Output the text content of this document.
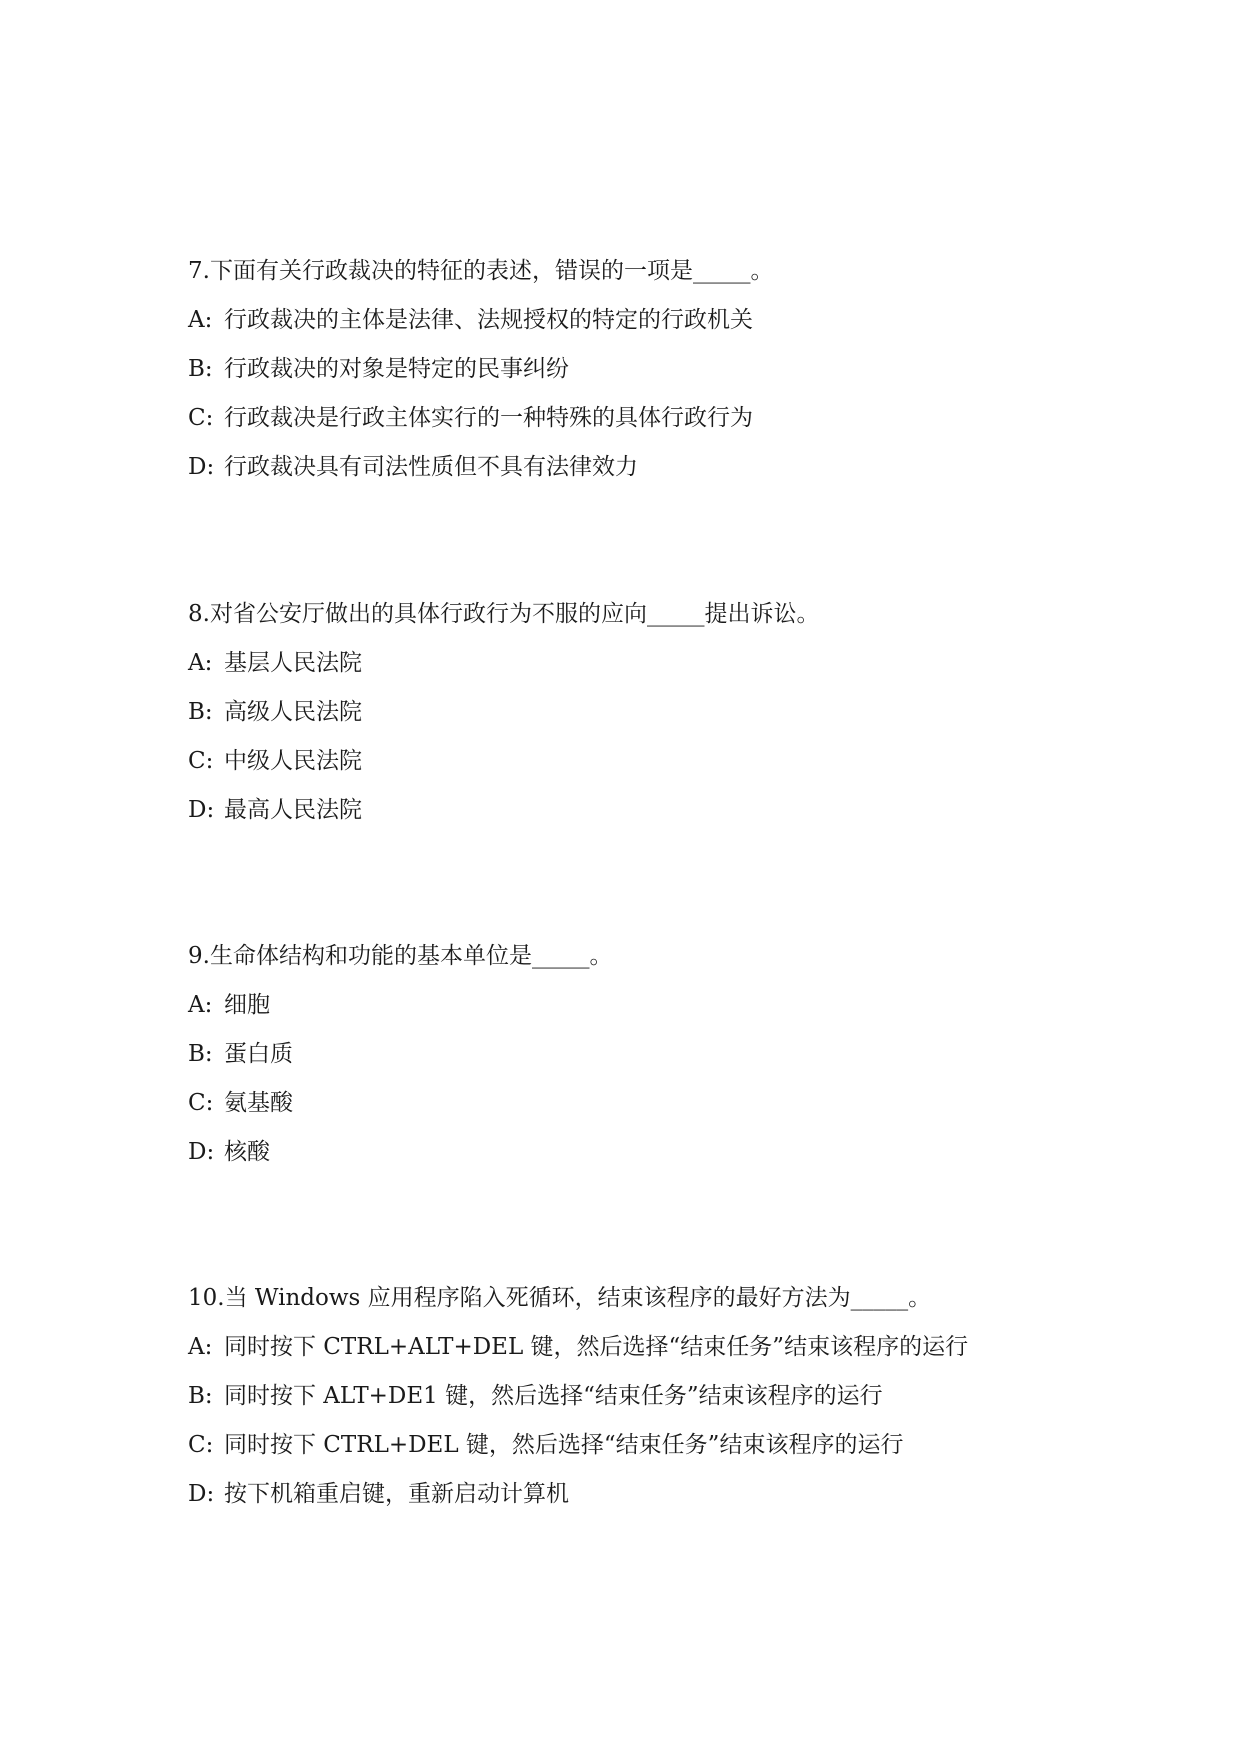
7.下面有关行政裁决的特征的表述，错误的一项是_____。
A: 行政裁决的主体是法律、法规授权的特定的行政机关
B: 行政裁决的对象是特定的民事纠纷
C: 行政裁决是行政主体实行的一种特殊的具体行政行为
D: 行政裁决具有司法性质但不具有法律效力
8.对省公安厅做出的具体行政行为不服的应向_____提出诉讼。
A: 基层人民法院
B: 高级人民法院
C: 中级人民法院
D: 最高人民法院
9.生命体结构和功能的基本单位是_____。
A: 细胞
B: 蛋白质
C: 氨基酸
D: 核酸
10.当 Windows 应用程序陷入死循环，结束该程序的最好方法为_____。
A: 同时按下 CTRL+ALT+DEL 键，然后选择“结束任务”结束该程序的运行
B: 同时按下 ALT+DE1 键，然后选择“结束任务”结束该程序的运行
C: 同时按下 CTRL+DEL 键，然后选择“结束任务”结束该程序的运行
D: 按下机箱重启键，重新启动计算机
